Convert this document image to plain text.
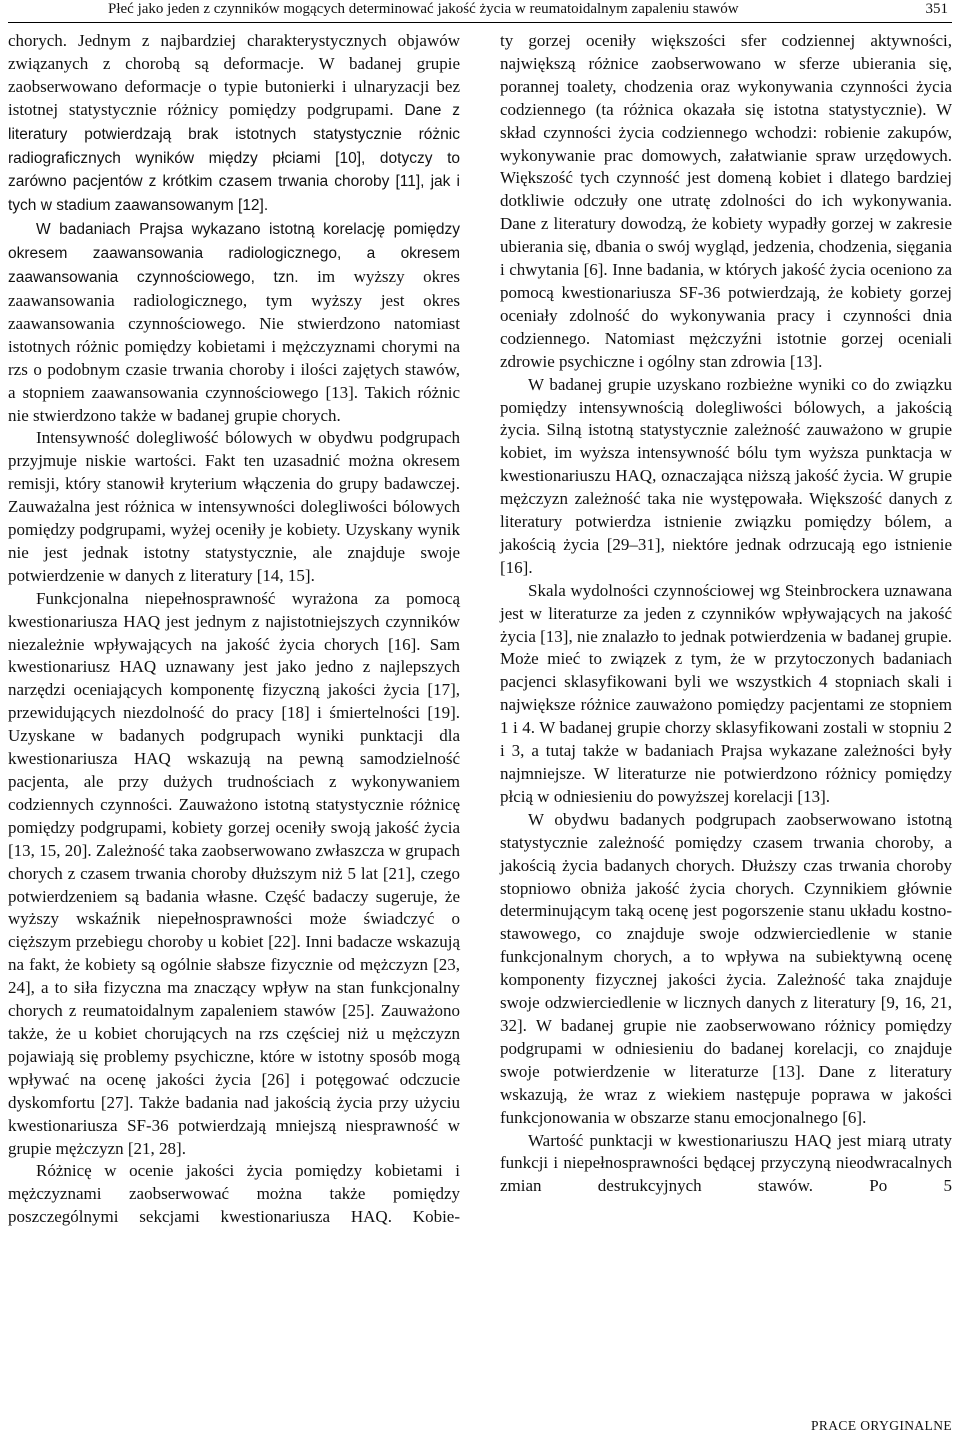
Płeć jako jeden z czynników mogących determinować jakość życia w reumatoidalnym zapaleniu stawów	351

chorych. Jednym z najbardziej charakterystycznych objawów związanych z chorobą są deformacje. W badanej grupie zaobserwowano deformacje o typie butonierki i ulnaryzacji bez istotnej statystycznie różnicy pomiędzy podgrupami. Dane z literatury potwierdzają brak istotnych statystycznie różnic radiograficznych wyników między płciami [10], dotyczy to zarówno pacjentów z krótkim czasem trwania choroby [11], jak i tych w stadium zaawansowanym [12].

W badaniach Prajsa wykazano istotną korelację pomiędzy okresem zaawansowania radiologicznego, a okresem zaawansowania czynnościowego, tzn. im wyższy okres zaawansowania radiologicznego, tym wyższy jest okres zaawansowania czynnościowego. Nie stwierdzono natomiast istotnych różnic pomiędzy kobietami i mężczyznami chorymi na rzs o podobnym czasie trwania choroby i ilości zajętych stawów, a stopniem zaawansowania czynnościowego [13]. Takich różnic nie stwierdzono także w badanej grupie chorych.

Intensywność dolegliwość bólowych w obydwu podgrupach przyjmuje niskie wartości. Fakt ten uzasadnić można okresem remisji, który stanowił kryterium włączenia do grupy badawczej. Zauważalna jest różnica w intensywności dolegliwości bólowych pomiędzy podgrupami, wyżej oceniły je kobiety. Uzyskany wynik nie jest jednak istotny statystycznie, ale znajduje swoje potwierdzenie w danych z literatury [14, 15].

Funkcjonalna niepełnosprawność wyrażona za pomocą kwestionariusza HAQ jest jednym z najistotniejszych czynników niezależnie wpływających na jakość życia chorych [16]. Sam kwestionariusz HAQ uznawany jest jako jedno z najlepszych narzędzi oceniających komponentę fizyczną jakości życia [17], przewidujących niezdolność do pracy [18] i śmiertelności [19]. Uzyskane w badanych podgrupach wyniki punktacji dla kwestionariusza HAQ wskazują na pewną samodzielność pacjenta, ale przy dużych trudnościach z wykonywaniem codziennych czynności. Zauważono istotną statystycznie różnicę pomiędzy podgrupami, kobiety gorzej oceniły swoją jakość życia [13, 15, 20]. Zależność taka zaobserwowano zwłaszcza w grupach chorych z czasem trwania choroby dłuższym niż 5 lat [21], czego potwierdzeniem są badania własne. Część badaczy sugeruje, że wyższy wskaźnik niepełnosprawności może świadczyć o cięższym przebiegu choroby u kobiet [22]. Inni badacze wskazują na fakt, że kobiety są ogólnie słabsze fizycznie od mężczyzn [23, 24], a to siła fizyczna ma znaczący wpływ na stan funkcjonalny chorych z reumatoidalnym zapaleniem stawów [25]. Zauważono także, że u kobiet chorujących na rzs częściej niż u mężczyzn pojawiają się problemy psychiczne, które w istotny sposób mogą wpływać na ocenę jakości życia [26] i potęgować odczucie dyskomfortu [27]. Także badania nad jakością życia przy użyciu kwestionariusza SF-36 potwierdzają mniejszą niesprawność w grupie mężczyzn [21, 28].

Różnicę w ocenie jakości życia pomiędzy kobietami i mężczyznami zaobserwować można także pomiędzy poszczególnymi sekcjami kwestionariusza HAQ. Kobie-

ty gorzej oceniły większości sfer codziennej aktywności, największą różnice zaobserwowano w sferze ubierania się, porannej toalety, chodzenia oraz wykonywania czynności życia codziennego (ta różnica okazała się istotna statystycznie). W skład czynności życia codziennego wchodzi: robienie zakupów, wykonywanie prac domowych, załatwianie spraw urzędowych. Większość tych czynność jest domeną kobiet i dlatego bardziej dotkliwie odczuły one utratę zdolności do ich wykonywania. Dane z literatury dowodzą, że kobiety wypadły gorzej w zakresie ubierania się, dbania o swój wygląd, jedzenia, chodzenia, sięgania i chwytania [6]. Inne badania, w których jakość życia oceniono za pomocą kwestionariusza SF-36 potwierdzają, że kobiety gorzej oceniały zdolność do wykonywania pracy i czynności dnia codziennego. Natomiast mężczyźni istotnie gorzej oceniali zdrowie psychiczne i ogólny stan zdrowia [13].

W badanej grupie uzyskano rozbieżne wyniki co do związku pomiędzy intensywnością dolegliwości bólowych, a jakością życia. Silną istotną statystycznie zależność zauważono w grupie kobiet, im wyższa intensywność bólu tym wyższa punktacja w kwestionariuszu HAQ, oznaczająca niższą jakość życia. W grupie mężczyzn zależność taka nie występowała. Większość danych z literatury potwierdza istnienie związku pomiędzy bólem, a jakością życia [29–31], niektóre jednak odrzucają ego istnienie [16].

Skala wydolności czynnościowej wg Steinbrockera uznawana jest w literaturze za jeden z czynników wpływających na jakość życia [13], nie znalazło to jednak potwierdzenia w badanej grupie. Może mieć to związek z tym, że w przytoczonych badaniach pacjenci sklasyfikowani byli we wszystkich 4 stopniach skali i największe różnice zauważono pomiędzy pacjentami ze stopniem 1 i 4. W badanej grupie chorzy sklasyfikowani zostali w stopniu 2 i 3, a tutaj także w badaniach Prajsa wykazane zależności były najmniejsze. W literaturze nie potwierdzono różnicy pomiędzy płcią w odniesieniu do powyższej korelacji [13].

W obydwu badanych podgrupach zaobserwowano istotną statystycznie zależność pomiędzy czasem trwania choroby, a jakością życia badanych chorych. Dłuższy czas trwania choroby stopniowo obniża jakość życia chorych. Czynnikiem głównie determinującym taką ocenę jest pogorszenie stanu układu kostno-stawowego, co znajduje swoje odzwierciedlenie w stanie funkcjonalnym chorych, a to wpływa na subiektywną ocenę komponenty fizycznej jakości życia. Zależność taka znajduje swoje odzwierciedlenie w licznych danych z literatury [9, 16, 21, 32]. W badanej grupie nie zaobserwowano różnicy pomiędzy podgrupami w odniesieniu do badanej korelacji, co znajduje swoje potwierdzenie w literaturze [13]. Dane z literatury wskazują, że wraz z wiekiem następuje poprawa w jakości funkcjonowania w obszarze stanu emocjonalnego [6].

Wartość punktacji w kwestionariuszu HAQ jest miarą utraty funkcji i niepełnosprawności będącej przyczyną nieodwracalnych zmian destrukcyjnych stawów. Po 5

PRACE ORYGINALNE
